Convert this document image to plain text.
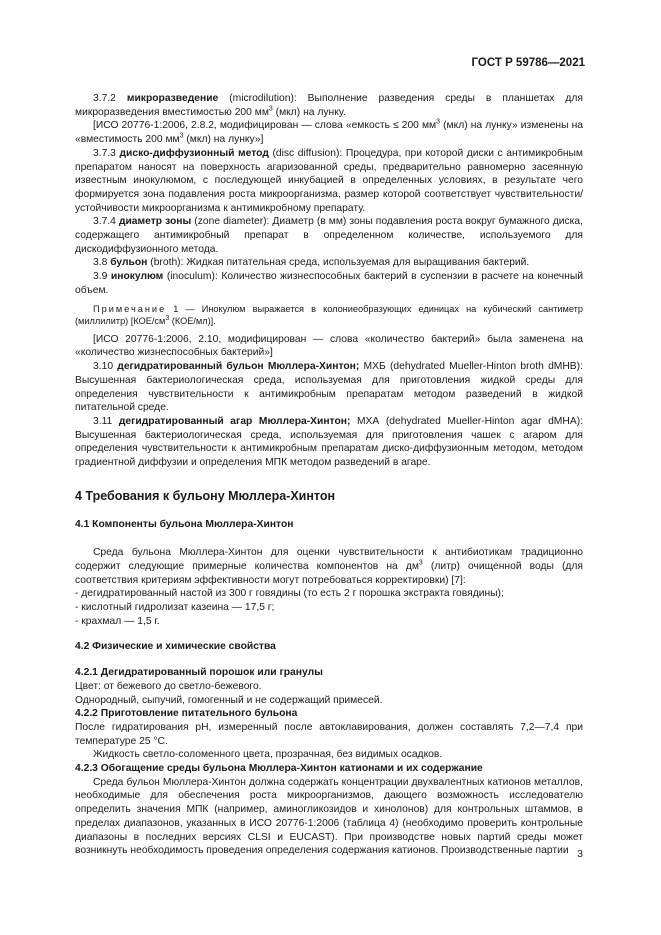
ГОСТ Р 59786—2021

3.7.2 микроразведение (microdilution): Выполнение разведения среды в планшетах для микроразведения вместимостью 200 $мм^3$ (мкл) на лунку.

[ИСО 20776-1:2006, 2.8.2, модифицирован — слова «емкость ≤ 200 $мм^3$ (мкл) на лунку» изменены на «вместимость 200 $мм^3$ (мкл) на лунку»]

3.7.3 диско-диффузионный метод (disc diffusion): Процедура, при которой диски с антимикробным препаратом наносят на поверхность агаризованной среды, предварительно равномерно засеянную известным инокулюмом, с последующей инкубацией в определенных условиях, в результате чего формируется зона подавления роста микроорганизма, размер которой соответствует чувствительности/устойчивости микроорганизма к антимикробному препарату.

3.7.4 диаметр зоны (zone diameter): Диаметр (в мм) зоны подавления роста вокруг бумажного диска, содержащего антимикробный препарат в определенном количестве, используемого для дискодиффузионного метода.

3.8 бульон (broth): Жидкая питательная среда, используемая для выращивания бактерий.

3.9 инокулюм (inoculum): Количество жизнеспособных бактерий в суспензии в расчете на конечный объем.

Примечание 1 — Инокулюм выражается в колониеобразующих единицах на кубический сантиметр (миллилитр) [$КОЕ/см^3$ (КОЕ/мл)].

[ИСО 20776-1:2006, 2.10, модифицирован — слова «количество бактерий» была заменена на «количество жизнеспособных бактерий»]

3.10 дегидратированный бульон Мюллера-Хинтон; МХБ (dehydrated Mueller-Hinton broth dMHB): Высушенная бактериологическая среда, используемая для приготовления жидкой среды для определения чувствительности к антимикробным препаратам методом разведений в жидкой питательной среде.

3.11 дегидратированный агар Мюллера-Хинтон; МХА (dehydrated Mueller-Hinton agar dMHA): Высушенная бактериологическая среда, используемая для приготовления чашек с агаром для определения чувствительности к антимикробным препаратам диско-диффузионным методом, методом градиентной диффузии и определения МПК методом разведений в агаре.

4 Требования к бульону Мюллера-Хинтон
4.1 Компоненты бульона Мюллера-Хинтон

Среда бульона Мюллера-Хинтон для оценки чувствительности к антибиотикам традиционно содержит следующие примерные количества компонентов на $дм^3$ (литр) очищенной воды (для соответствия критериям эффективности могут потребоваться корректировки) [7]:

- дегидратированный настой из 300 г говядины (то есть 2 г порошка экстракта говядины);

- кислотный гидролизат казеина — 17,5 г;

- крахмал — 1,5 г.

4.2 Физические и химические свойства

4.2.1 Дегидратированный порошок или гранулы

Цвет: от бежевого до светло-бежевого.

Однородный, сыпучий, гомогенный и не содержащий примесей.

4.2.2 Приготовление питательного бульона

После гидратирования рН, измеренный после автоклавирования, должен составлять 7,2—7,4 при температуре 25 °С.

Жидкость светло-соломенного цвета, прозрачная, без видимых осадков.

4.2.3 Обогащение среды бульона Мюллера-Хинтон катионами и их содержание

Среда бульон Мюллера-Хинтон должна содержать концентрации двухвалентных катионов металлов, необходимые для обеспечения роста микроорганизмов, дающего возможность исследователю определить значения МПК (например, аминогликозидов и хинолонов) для контрольных штаммов, в пределах диапазонов, указанных в ИСО 20776-1:2006 (таблица 4) (необходимо проверить контрольные диапазоны в последних версиях CLSI и EUCAST). При производстве новых партий среды может возникнуть необходимость проведения определения содержания катионов. Производственные партии 3
